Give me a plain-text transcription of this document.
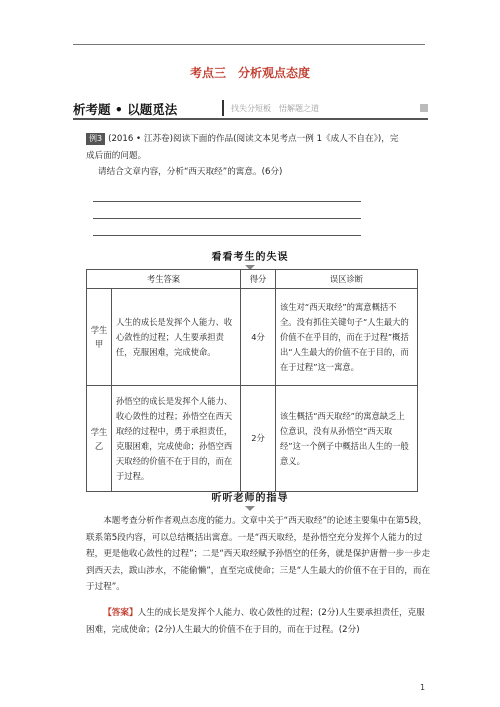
考点三　分析观点态度
析考题 • 以题觅法	找失分短板　悟解题之道
例3 (2016 • 江苏卷)阅读下面的作品(阅读文本见考点一例 1《成人不自在》)，完
成后面的问题。
请结合文章内容，分析“西天取经”的寓意。(6分)
看看考生的失误
考生答案		得分	误区诊断
学生甲	人生的成长是发挥个人能力、收心敛性的过程；人生要承担责任，克服困难，完成使命。	4分	该生对“西天取经”的寓意概括不全。没有抓住关键句子“人生最大的价值不在乎目的，而在于过程”概括出“人生最大的价值不在于目的，而在于过程”这一寓意。
学生乙	孙悟空的成长是发挥个人能力、收心敛性的过程；孙悟空在西天取经的过程中，勇于承担责任，克服困难，完成使命；孙悟空西天取经的价值不在于目的，而在于过程。	2分	该生概括“西天取经”的寓意缺乏上位意识，没有从孙悟空“西天取经”这一个例子中概括出人生的一般意义。
听听老师的指导
本题考查分析作者观点态度的能力。文章中关于“西天取经”的论述主要集中在第5段，联系第5段内容，可以总结概括出寓意。一是“西天取经，是孙悟空充分发挥个人能力的过程，更是他收心敛性的过程”；二是“西天取经赋予孙悟空的任务，就是保护唐僧一步一步走到西天去，跋山涉水，不能偷懒”，直至完成使命；三是“人生最大的价值不在于目的，而在于过程”。
【答案】人生的成长是发挥个人能力、收心敛性的过程；(2分)人生要承担责任，克服困难，完成使命；(2分)人生最大的价值不在于目的，而在于过程。(2分)
1
